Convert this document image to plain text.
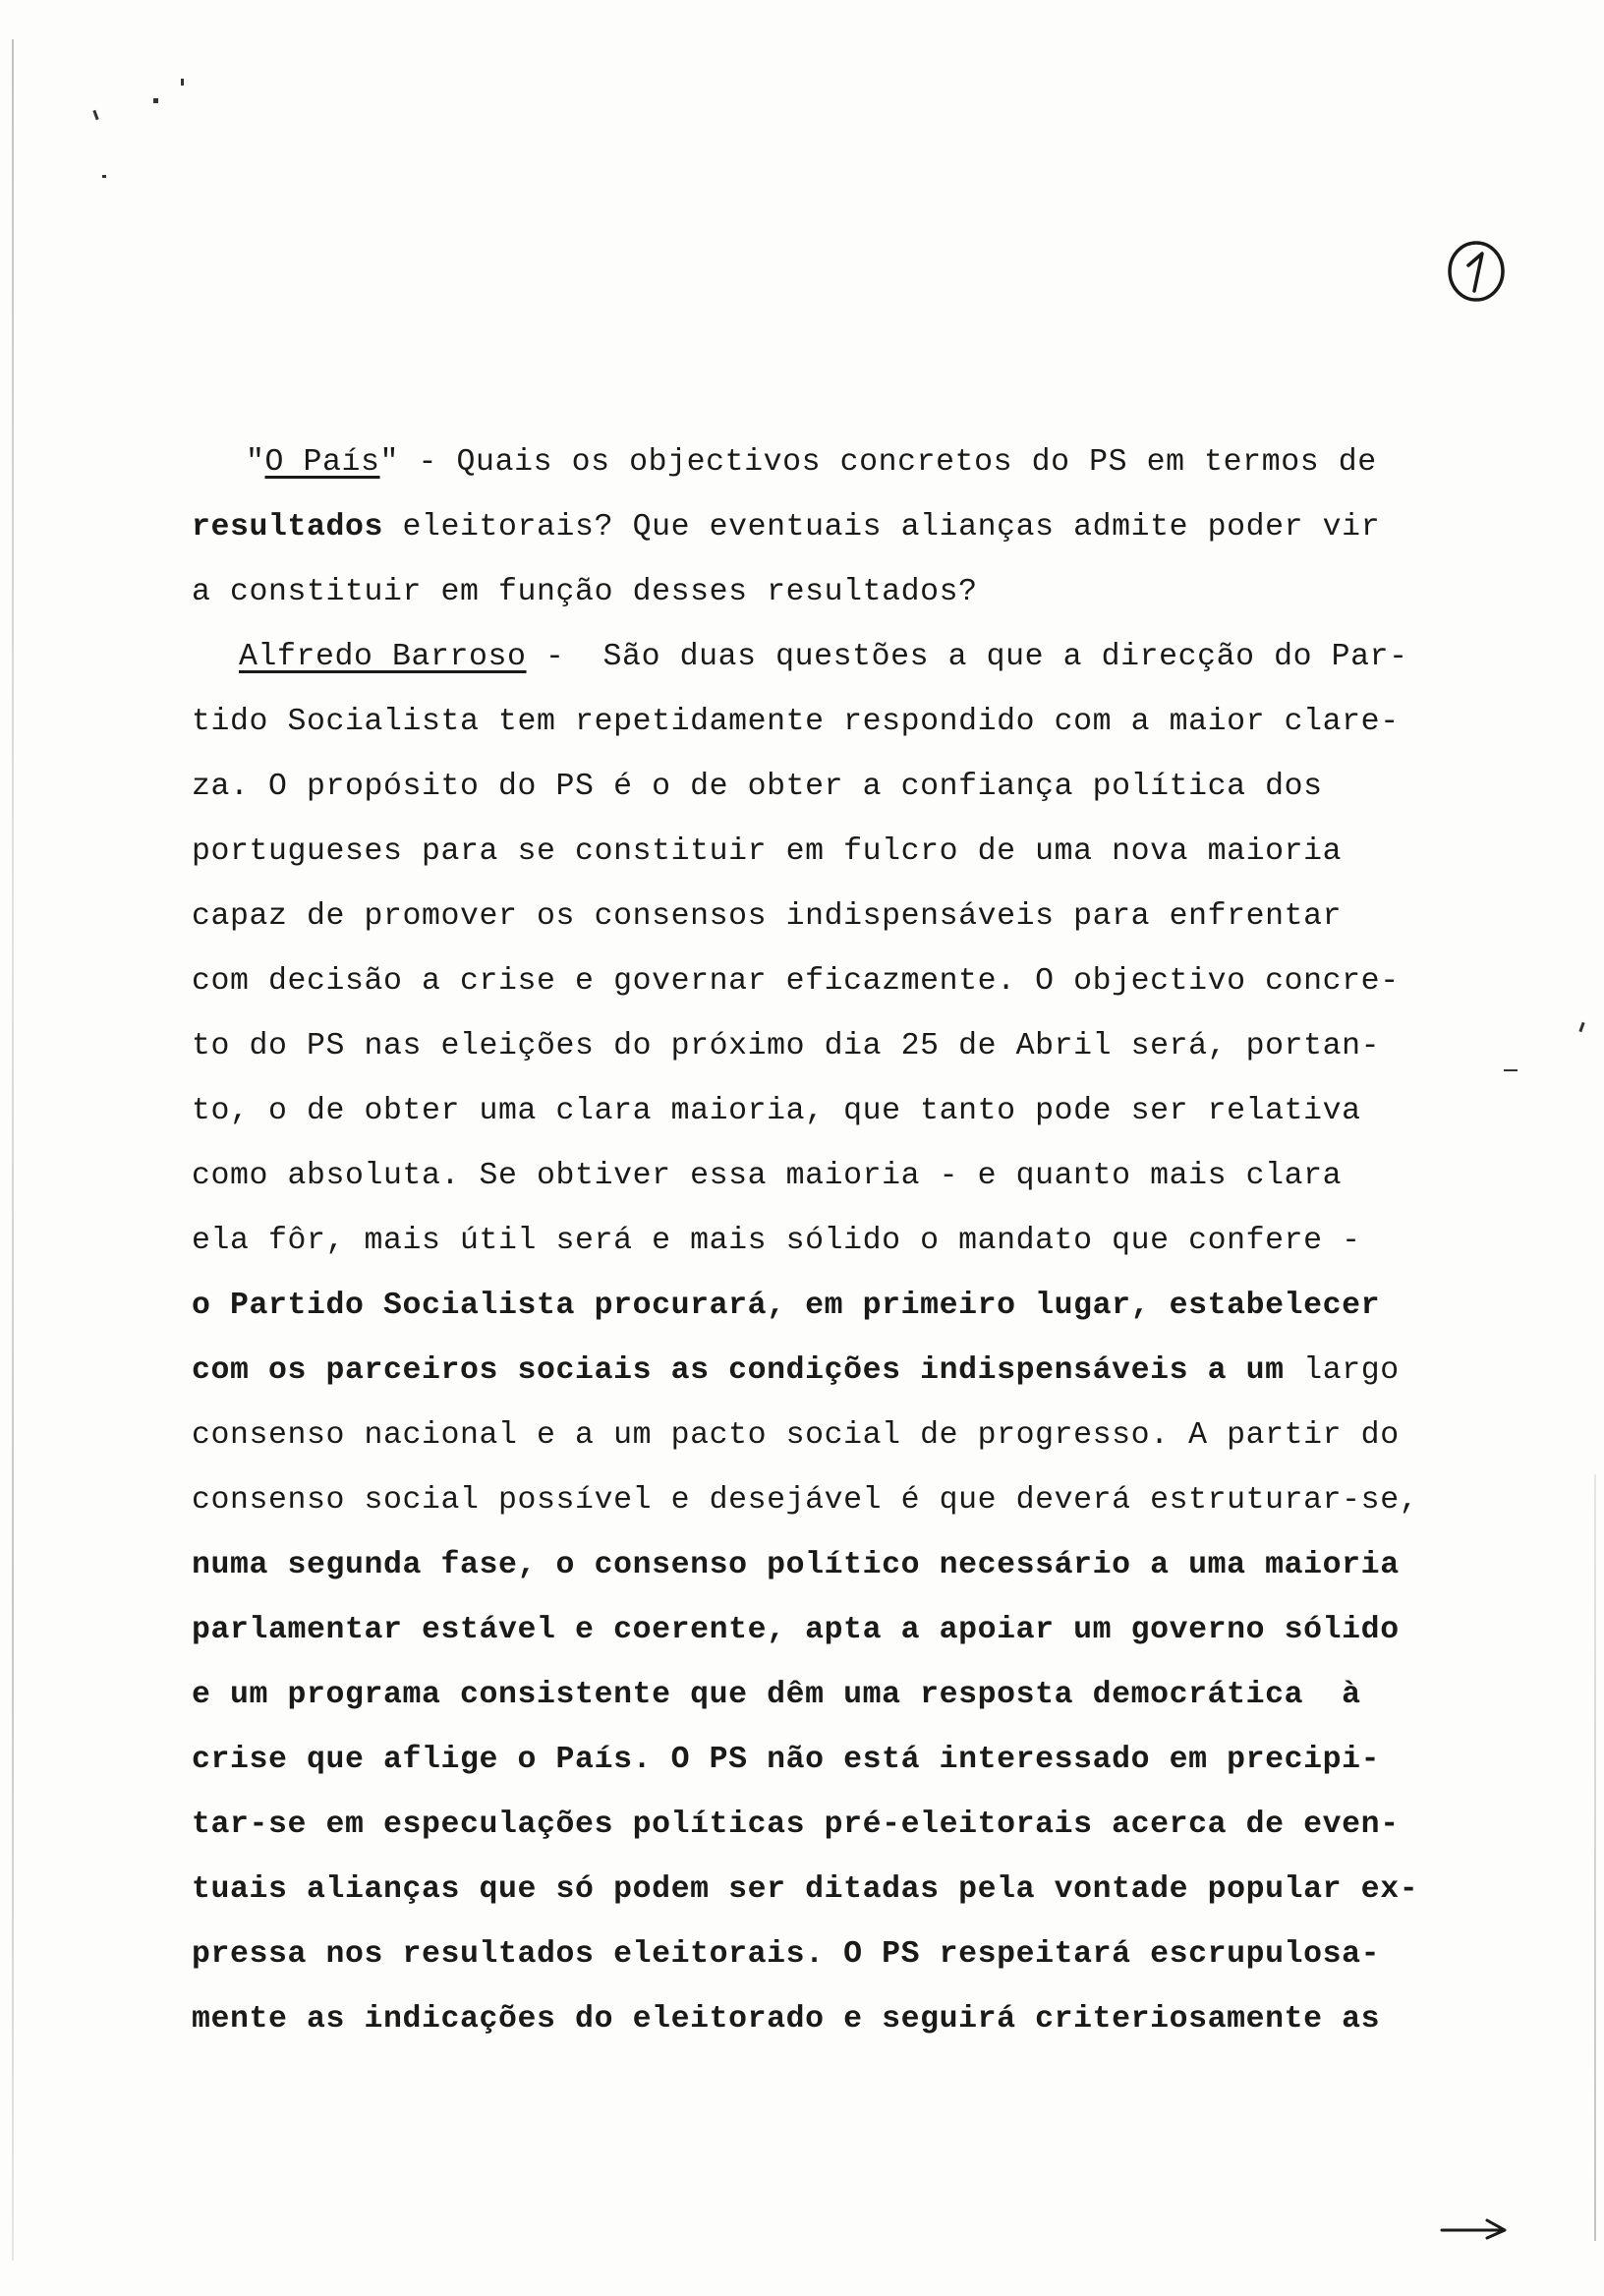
"O País" - Quais os objectivos concretos do PS em termos de
resultados eleitorais? Que eventuais alianças admite poder vir
a constituir em função desses resultados?
Alfredo Barroso -  São duas questões a que a direcção do Par-
tido Socialista tem repetidamente respondido com a maior clare-
za. O propósito do PS é o de obter a confiança política dos
portugueses para se constituir em fulcro de uma nova maioria
capaz de promover os consensos indispensáveis para enfrentar
com decisão a crise e governar eficazmente. O objectivo concre-
to do PS nas eleições do próximo dia 25 de Abril será, portan-
to, o de obter uma clara maioria, que tanto pode ser relativa
como absoluta. Se obtiver essa maioria - e quanto mais clara
ela fôr, mais útil será e mais sólido o mandato que confere -
o Partido Socialista procurará, em primeiro lugar, estabelecer
com os parceiros sociais as condições indispensáveis a um largo
consenso nacional e a um pacto social de progresso. A partir do
consenso social possível e desejável é que deverá estruturar-se,
numa segunda fase, o consenso político necessário a uma maioria
parlamentar estável e coerente, apta a apoiar um governo sólido
e um programa consistente que dêm uma resposta democrática  à
crise que aflige o País. O PS não está interessado em precipi-
tar-se em especulações políticas pré-eleitorais acerca de even-
tuais alianças que só podem ser ditadas pela vontade popular ex-
pressa nos resultados eleitorais. O PS respeitará escrupulosa-
mente as indicações do eleitorado e seguirá criteriosamente as
